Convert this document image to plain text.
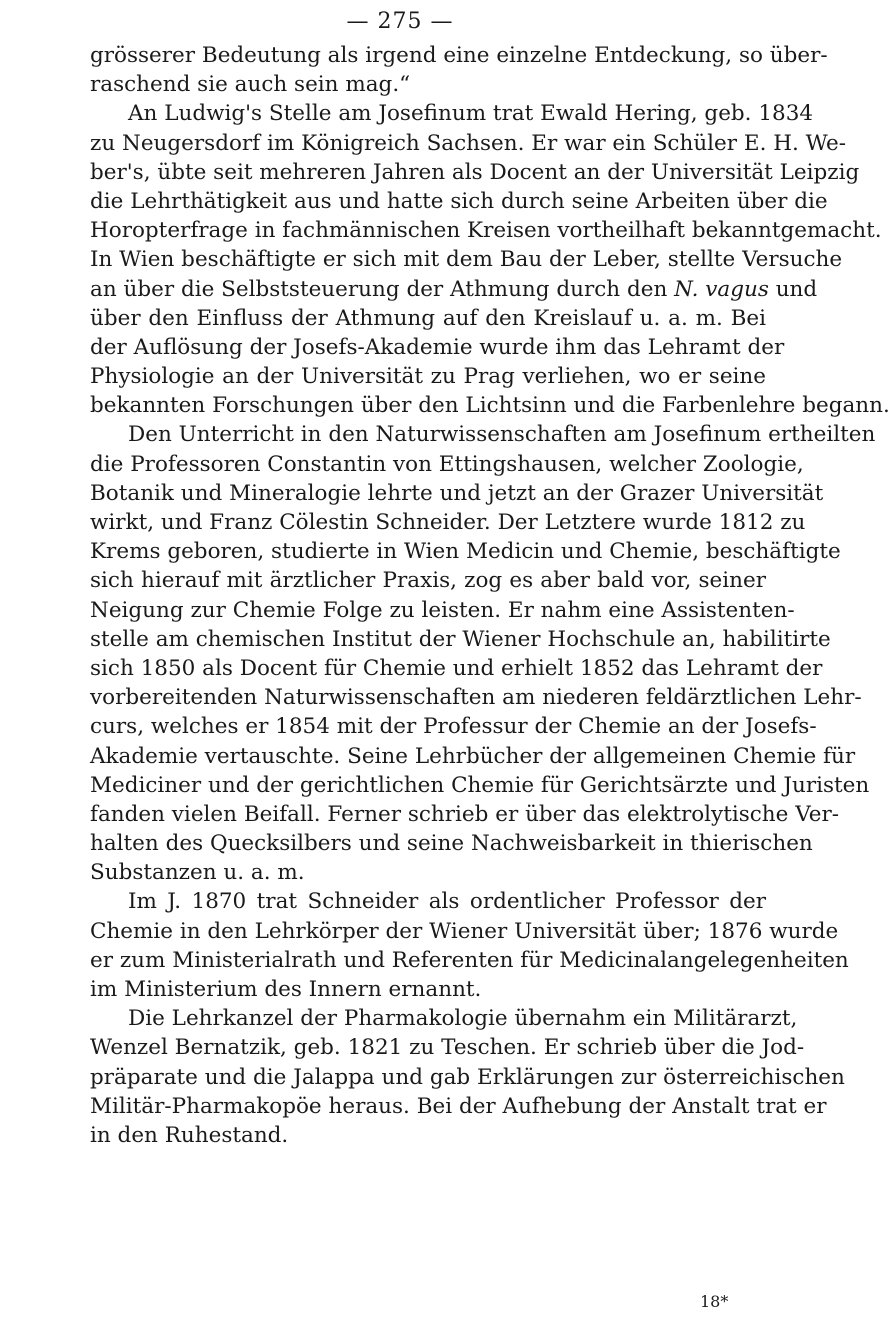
— 275 —
grösserer Bedeutung als irgend eine einzelne Entdeckung, so über-
raschend sie auch sein mag.“
An Ludwig's Stelle am Josefinum trat Ewald Hering, geb. 1834
zu Neugersdorf im Königreich Sachsen. Er war ein Schüler E. H. We-
ber's, übte seit mehreren Jahren als Docent an der Universität Leipzig
die Lehrthätigkeit aus und hatte sich durch seine Arbeiten über die
Horopterfrage in fachmännischen Kreisen vortheilhaft bekanntgemacht.
In Wien beschäftigte er sich mit dem Bau der Leber, stellte Versuche
an über die Selbststeuerung der Athmung durch den N. vagus und
über den Einfluss der Athmung auf den Kreislauf u. a. m. Bei
der Auflösung der Josefs-Akademie wurde ihm das Lehramt der
Physiologie an der Universität zu Prag verliehen, wo er seine
bekannten Forschungen über den Lichtsinn und die Farbenlehre begann.
Den Unterricht in den Naturwissenschaften am Josefinum ertheilten
die Professoren Constantin von Ettingshausen, welcher Zoologie,
Botanik und Mineralogie lehrte und jetzt an der Grazer Universität
wirkt, und Franz Cölestin Schneider. Der Letztere wurde 1812 zu
Krems geboren, studierte in Wien Medicin und Chemie, beschäftigte
sich hierauf mit ärztlicher Praxis, zog es aber bald vor, seiner
Neigung zur Chemie Folge zu leisten. Er nahm eine Assistenten-
stelle am chemischen Institut der Wiener Hochschule an, habilitirte
sich 1850 als Docent für Chemie und erhielt 1852 das Lehramt der
vorbereitenden Naturwissenschaften am niederen feldärztlichen Lehr-
curs, welches er 1854 mit der Professur der Chemie an der Josefs-
Akademie vertauschte. Seine Lehrbücher der allgemeinen Chemie für
Mediciner und der gerichtlichen Chemie für Gerichtsärzte und Juristen
fanden vielen Beifall. Ferner schrieb er über das elektrolytische Ver-
halten des Quecksilbers und seine Nachweisbarkeit in thierischen
Substanzen u. a. m.
Im J. 1870 trat Schneider als ordentlicher Professor der
Chemie in den Lehrkörper der Wiener Universität über; 1876 wurde
er zum Ministerialrath und Referenten für Medicinalangelegenheiten
im Ministerium des Innern ernannt.
Die Lehrkanzel der Pharmakologie übernahm ein Militärarzt,
Wenzel Bernatzik, geb. 1821 zu Teschen. Er schrieb über die Jod-
präparate und die Jalappa und gab Erklärungen zur österreichischen
Militär-Pharmakopöe heraus. Bei der Aufhebung der Anstalt trat er
in den Ruhestand.
18*
